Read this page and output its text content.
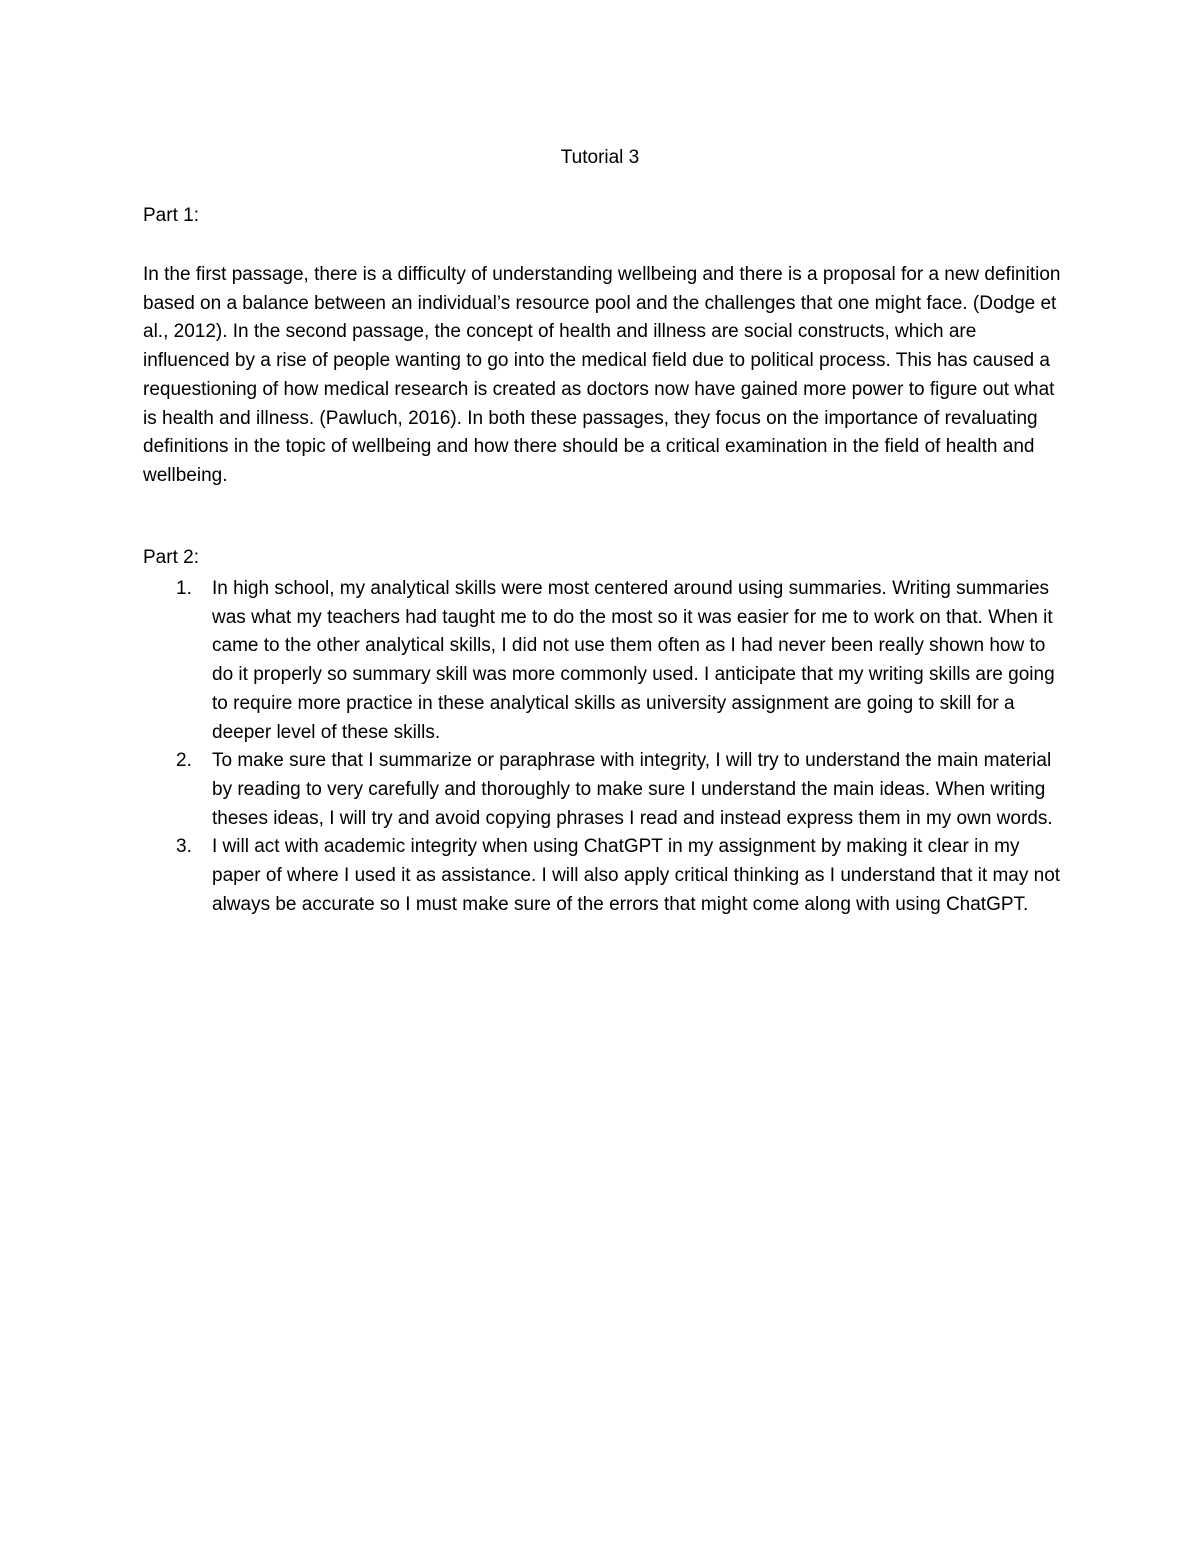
Tutorial 3
Part 1:

In the first passage, there is a difficulty of understanding wellbeing and there is a proposal for a new definition based on a balance between an individual’s resource pool and the challenges that one might face. (Dodge et al., 2012). In the second passage, the concept of health and illness are social constructs, which are influenced by a rise of people wanting to go into the medical field due to political process. This has caused a requestioning of how medical research is created as doctors now have gained more power to figure out what is health and illness. (Pawluch, 2016). In both these passages, they focus on the importance of revaluating definitions in the topic of wellbeing and how there should be a critical examination in the field of health and wellbeing.

Part 2:
1. In high school, my analytical skills were most centered around using summaries. Writing summaries was what my teachers had taught me to do the most so it was easier for me to work on that. When it came to the other analytical skills, I did not use them often as I had never been really shown how to do it properly so summary skill was more commonly used. I anticipate that my writing skills are going to require more practice in these analytical skills as university assignment are going to skill for a deeper level of these skills.
2. To make sure that I summarize or paraphrase with integrity, I will try to understand the main material by reading to very carefully and thoroughly to make sure I understand the main ideas. When writing theses ideas, I will try and avoid copying phrases I read and instead express them in my own words.
3. I will act with academic integrity when using ChatGPT in my assignment by making it clear in my paper of where I used it as assistance. I will also apply critical thinking as I understand that it may not always be accurate so I must make sure of the errors that might come along with using ChatGPT.
